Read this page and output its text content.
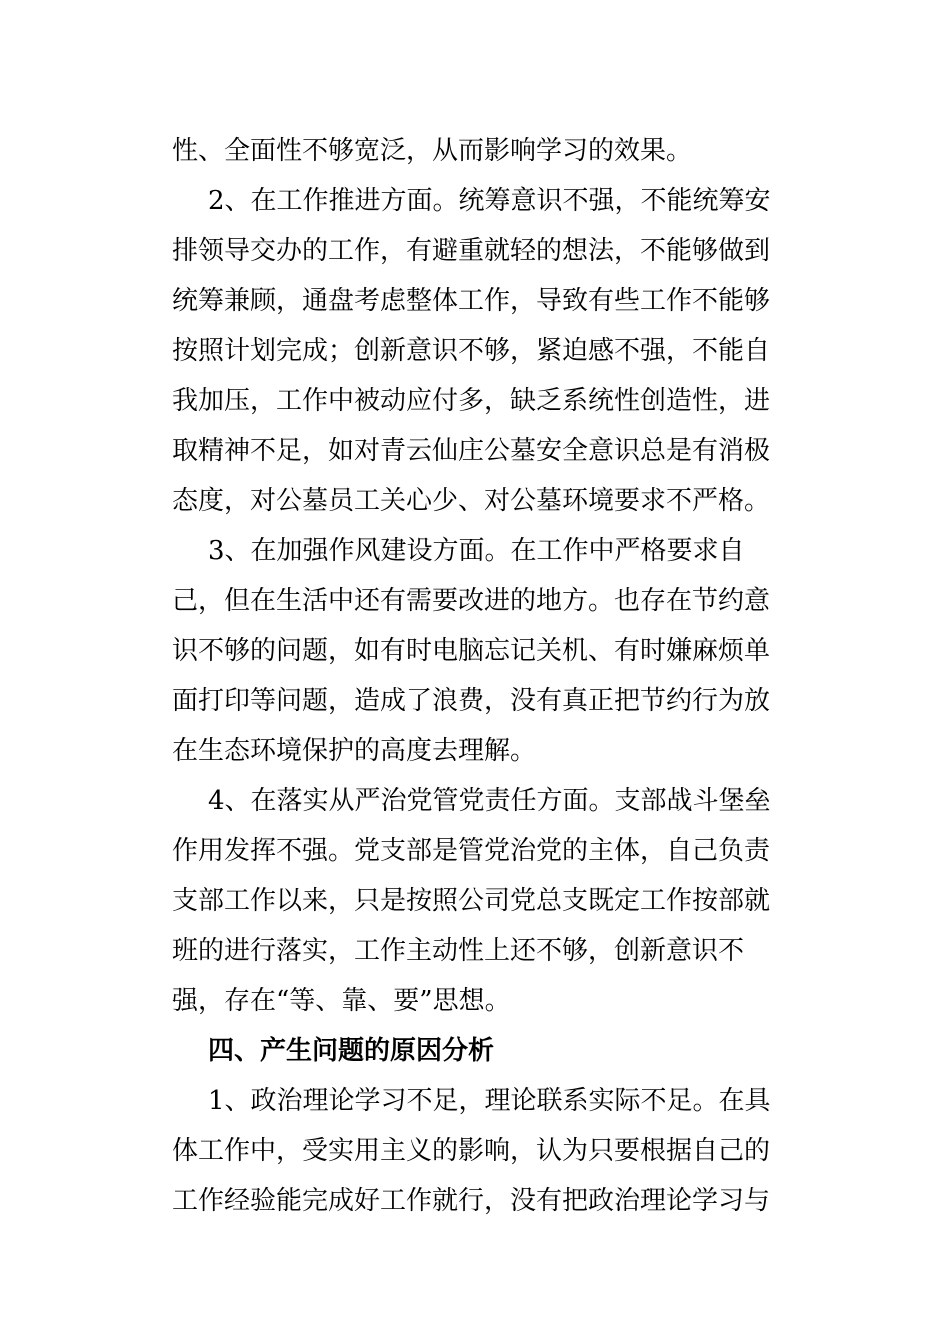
性、全面性不够宽泛，从而影响学习的效果。
2、在工作推进方面。统筹意识不强，不能统筹安
排领导交办的工作，有避重就轻的想法，不能够做到
统筹兼顾，通盘考虑整体工作，导致有些工作不能够
按照计划完成；创新意识不够，紧迫感不强，不能自
我加压，工作中被动应付多，缺乏系统性创造性，进
取精神不足，如对青云仙庄公墓安全意识总是有消极
态度，对公墓员工关心少、对公墓环境要求不严格。
3、在加强作风建设方面。在工作中严格要求自
己，但在生活中还有需要改进的地方。也存在节约意
识不够的问题，如有时电脑忘记关机、有时嫌麻烦单
面打印等问题，造成了浪费，没有真正把节约行为放
在生态环境保护的高度去理解。
4、在落实从严治党管党责任方面。支部战斗堡垒
作用发挥不强。党支部是管党治党的主体，自己负责
支部工作以来，只是按照公司党总支既定工作按部就
班的进行落实，工作主动性上还不够，创新意识不
强，存在“等、靠、要”思想。
四、产生问题的原因分析
1、政治理论学习不足，理论联系实际不足。在具
体工作中，受实用主义的影响，认为只要根据自己的
工作经验能完成好工作就行，没有把政治理论学习与
